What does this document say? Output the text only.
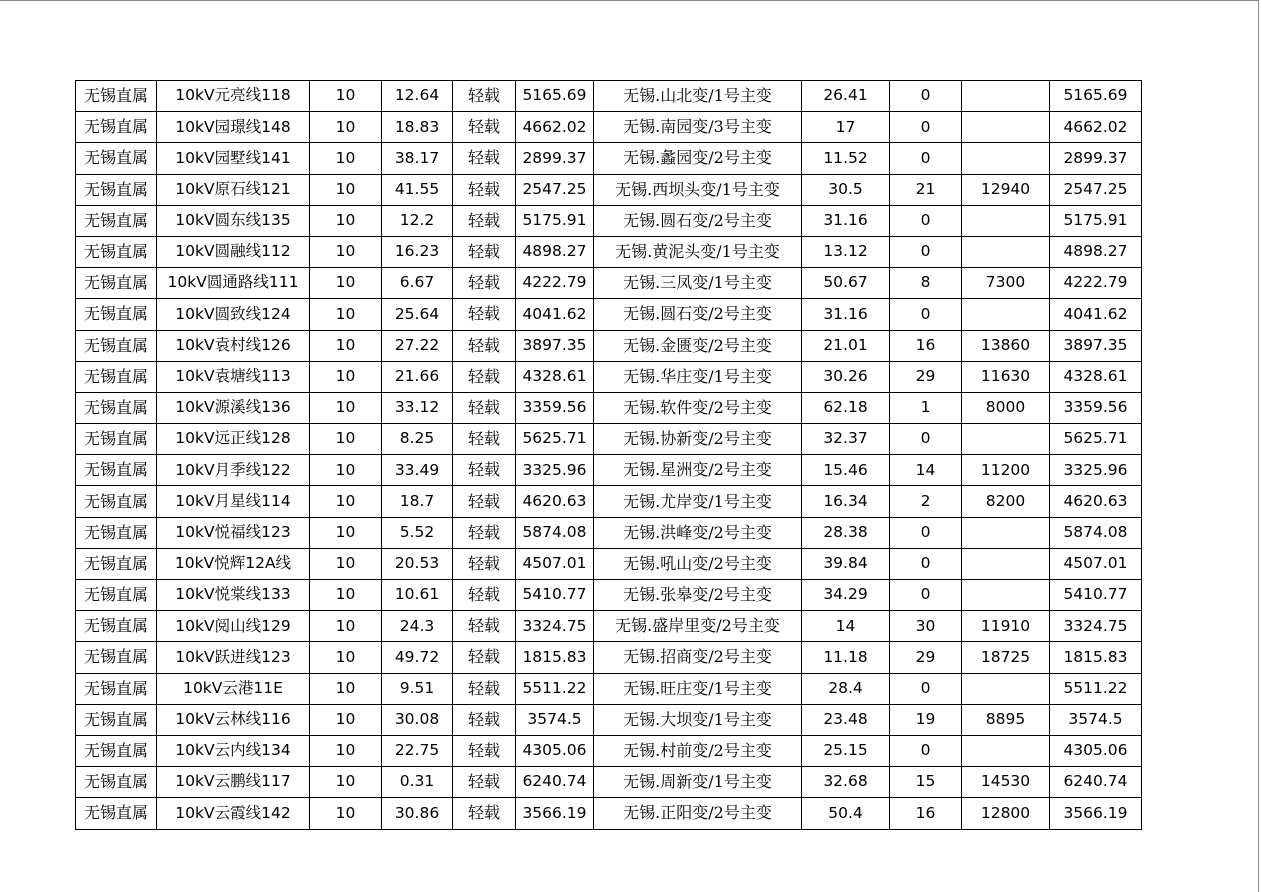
无锡直属	10kV元亮线118	10	12.64	轻载	5165.69	无锡.山北变/1号主变	26.41	0		5165.69
无锡直属	10kV园璟线148	10	18.83	轻载	4662.02	无锡.南园变/3号主变	17	0		4662.02
无锡直属	10kV园墅线141	10	38.17	轻载	2899.37	无锡.蠡园变/2号主变	11.52	0		2899.37
无锡直属	10kV原石线121	10	41.55	轻载	2547.25	无锡.西坝头变/1号主变	30.5	21	12940	2547.25
无锡直属	10kV圆东线135	10	12.2	轻载	5175.91	无锡.圆石变/2号主变	31.16	0		5175.91
无锡直属	10kV圆融线112	10	16.23	轻载	4898.27	无锡.黄泥头变/1号主变	13.12	0		4898.27
无锡直属	10kV圆通路线111	10	6.67	轻载	4222.79	无锡.三凤变/1号主变	50.67	8	7300	4222.79
无锡直属	10kV圆致线124	10	25.64	轻载	4041.62	无锡.圆石变/2号主变	31.16	0		4041.62
无锡直属	10kV袁村线126	10	27.22	轻载	3897.35	无锡.金匮变/2号主变	21.01	16	13860	3897.35
无锡直属	10kV袁塘线113	10	21.66	轻载	4328.61	无锡.华庄变/1号主变	30.26	29	11630	4328.61
无锡直属	10kV源溪线136	10	33.12	轻载	3359.56	无锡.软件变/2号主变	62.18	1	8000	3359.56
无锡直属	10kV远正线128	10	8.25	轻载	5625.71	无锡.协新变/2号主变	32.37	0		5625.71
无锡直属	10kV月季线122	10	33.49	轻载	3325.96	无锡.星洲变/2号主变	15.46	14	11200	3325.96
无锡直属	10kV月星线114	10	18.7	轻载	4620.63	无锡.尤岸变/1号主变	16.34	2	8200	4620.63
无锡直属	10kV悦福线123	10	5.52	轻载	5874.08	无锡.洪峰变/2号主变	28.38	0		5874.08
无锡直属	10kV悦辉12A线	10	20.53	轻载	4507.01	无锡.吼山变/2号主变	39.84	0		4507.01
无锡直属	10kV悦棠线133	10	10.61	轻载	5410.77	无锡.张皋变/2号主变	34.29	0		5410.77
无锡直属	10kV阅山线129	10	24.3	轻载	3324.75	无锡.盛岸里变/2号主变	14	30	11910	3324.75
无锡直属	10kV跃进线123	10	49.72	轻载	1815.83	无锡.招商变/2号主变	11.18	29	18725	1815.83
无锡直属	10kV云港11E	10	9.51	轻载	5511.22	无锡.旺庄变/1号主变	28.4	0		5511.22
无锡直属	10kV云林线116	10	30.08	轻载	3574.5	无锡.大坝变/1号主变	23.48	19	8895	3574.5
无锡直属	10kV云内线134	10	22.75	轻载	4305.06	无锡.村前变/2号主变	25.15	0		4305.06
无锡直属	10kV云鹏线117	10	0.31	轻载	6240.74	无锡.周新变/1号主变	32.68	15	14530	6240.74
无锡直属	10kV云霞线142	10	30.86	轻载	3566.19	无锡.正阳变/2号主变	50.4	16	12800	3566.19
